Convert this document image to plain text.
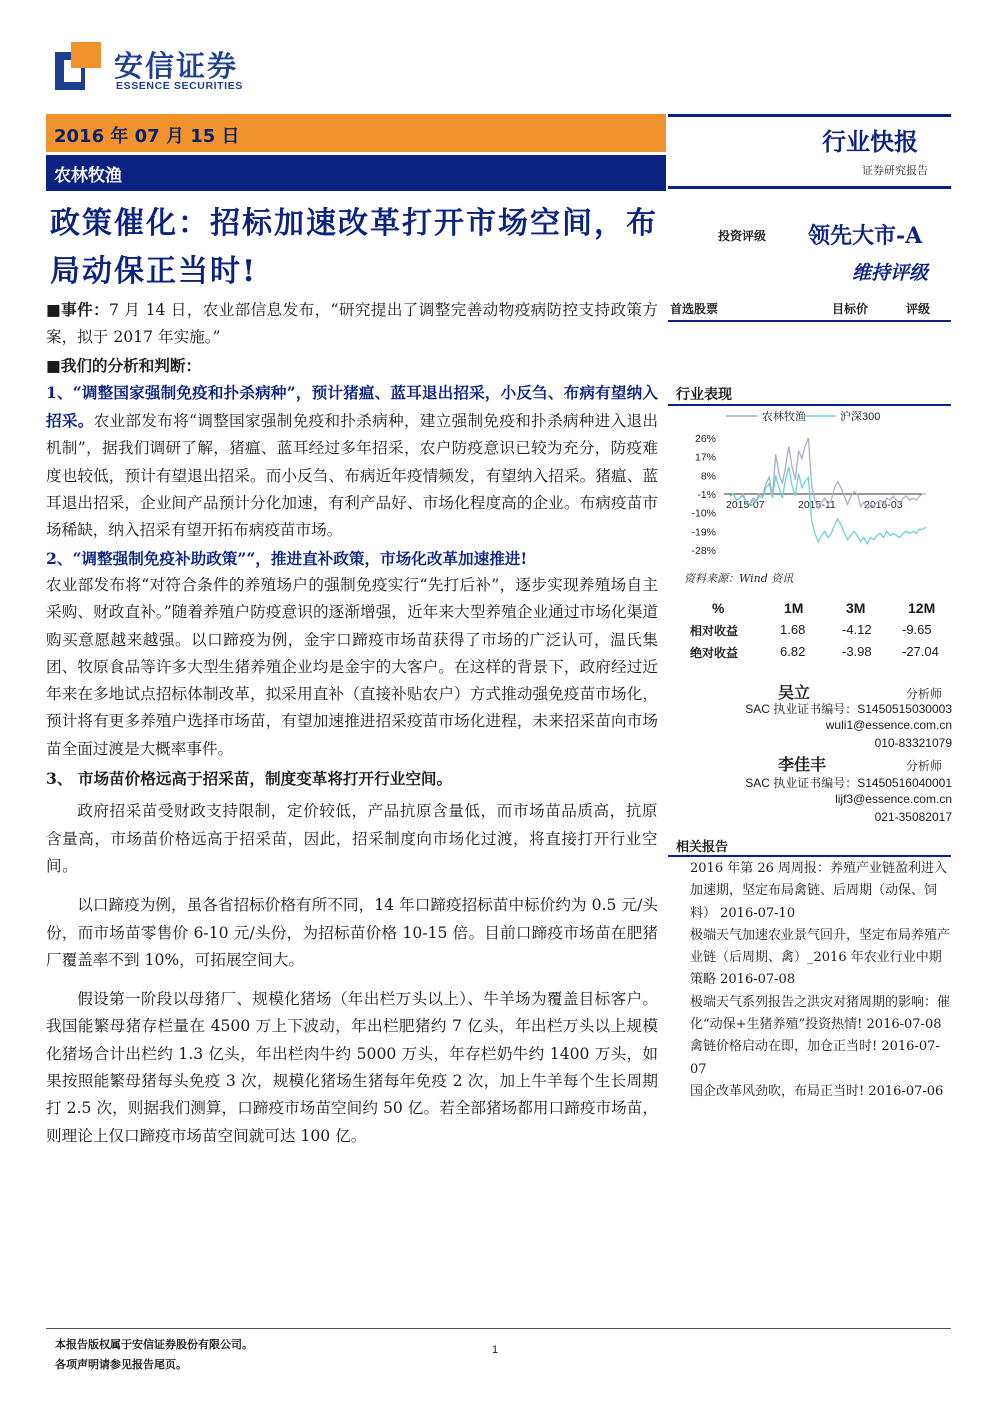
安信证券
ESSENCE SECURITIES
2016 年 07 月 15 日
农林牧渔
行业快报
证券研究报告
政策催化：招标加速改革打开市场空间，布局动保正当时!
投资评级 领先大市-A
维持评级
首选股票	目标价	评级

■事件：7 月 14 日，农业部信息发布，“研究提出了调整完善动物疫病防控支持政策方案，拟于 2017 年实施。”

■我们的分析和判断：

1、“调整国家强制免疫和扑杀病种”，预计猪瘟、蓝耳退出招采，小反刍、布病有望纳入招采。农业部发布将“调整国家强制免疫和扑杀病种，建立强制免疫和扑杀病种进入退出机制”，据我们调研了解，猪瘟、蓝耳经过多年招采，农户防疫意识已较为充分，防疫难度也较低，预计有望退出招采。而小反刍、布病近年疫情频发，有望纳入招采。猪瘟、蓝耳退出招采，企业间产品预计分化加速，有利产品好、市场化程度高的企业。布病疫苗市场稀缺，纳入招采有望开拓布病疫苗市场。

2、“调整强制免疫补助政策”“，推进直补政策，市场化改革加速推进!

农业部发布将“对符合条件的养殖场户的强制免疫实行“先打后补”，逐步实现养殖场自主采购、财政直补。”随着养殖户防疫意识的逐渐增强，近年来大型养殖企业通过市场化渠道购买意愿越来越强。以口蹄疫为例，金宇口蹄疫市场苗获得了市场的广泛认可，温氏集团、牧原食品等许多大型生猪养殖企业均是金宇的大客户。在这样的背景下，政府经过近年来在多地试点招标体制改革，拟采用直补（直接补贴农户）方式推动强免疫苗市场化，预计将有更多养殖户选择市场苗，有望加速推进招采疫苗市场化进程，未来招采苗向市场苗全面过渡是大概率事件。

3、 市场苗价格远高于招采苗，制度变革将打开行业空间。

政府招采苗受财政支持限制，定价较低，产品抗原含量低，而市场苗品质高，抗原含量高，市场苗价格远高于招采苗，因此，招采制度向市场化过渡，将直接打开行业空间。

以口蹄疫为例，虽各省招标价格有所不同，14 年口蹄疫招标苗中标价约为 0.5 元/头份，而市场苗零售价 6-10 元/头份，为招标苗价格 10-15 倍。目前口蹄疫市场苗在肥猪厂覆盖率不到 10%，可拓展空间大。

假设第一阶段以母猪厂、规模化猪场（年出栏万头以上）、牛羊场为覆盖目标客户。我国能繁母猪存栏量在 4500 万上下波动，年出栏肥猪约 7 亿头，年出栏万头以上规模化猪场合计出栏约 1.3 亿头，年出栏肉牛约 5000 万头，年存栏奶牛约 1400 万头，如果按照能繁母猪每头免疫 3 次，规模化猪场生猪每年免疫 2 次，加上牛羊每个生长周期打 2.5 次，则据我们测算，口蹄疫市场苗空间约 50 亿。若全部猪场都用口蹄疫市场苗，则理论上仅口蹄疫市场苗空间就可达 100 亿。

行业表现
农林牧渔	沪深300
26%
17%
8%
-1%
-10%
-19%
-28%
2015-07	2015-11	2016-03
资料来源：Wind 资讯
%	1M	3M	12M
相对收益	1.68	-4.12 -9.65
绝对收益	6.82	-3.98 -27.04
吴立	分析师
SAC 执业证书编号：S1450515030003
wuli1@essence.com.cn
010-83321079
李佳丰	分析师
SAC 执业证书编号：S1450516040001
lijf3@essence.com.cn
021-35082017
相关报告
2016 年第 26 周周报：养殖产业链盈利进入加速期，坚定布局禽链、后周期（动保、饲料） 2016-07-10
极端天气加速农业景气回升，坚定布局养殖产业链（后周期、禽）_2016 年农业行业中期策略 2016-07-08
极端天气系列报告之洪灾对猪周期的影响：催化“动保+生猪养殖”投资热情! 2016-07-08
禽链价格启动在即，加仓正当时! 2016-07-07
国企改革风劲吹，布局正当时! 2016-07-06
本报告版权属于安信证券股份有限公司。
各项声明请参见报告尾页。
1
